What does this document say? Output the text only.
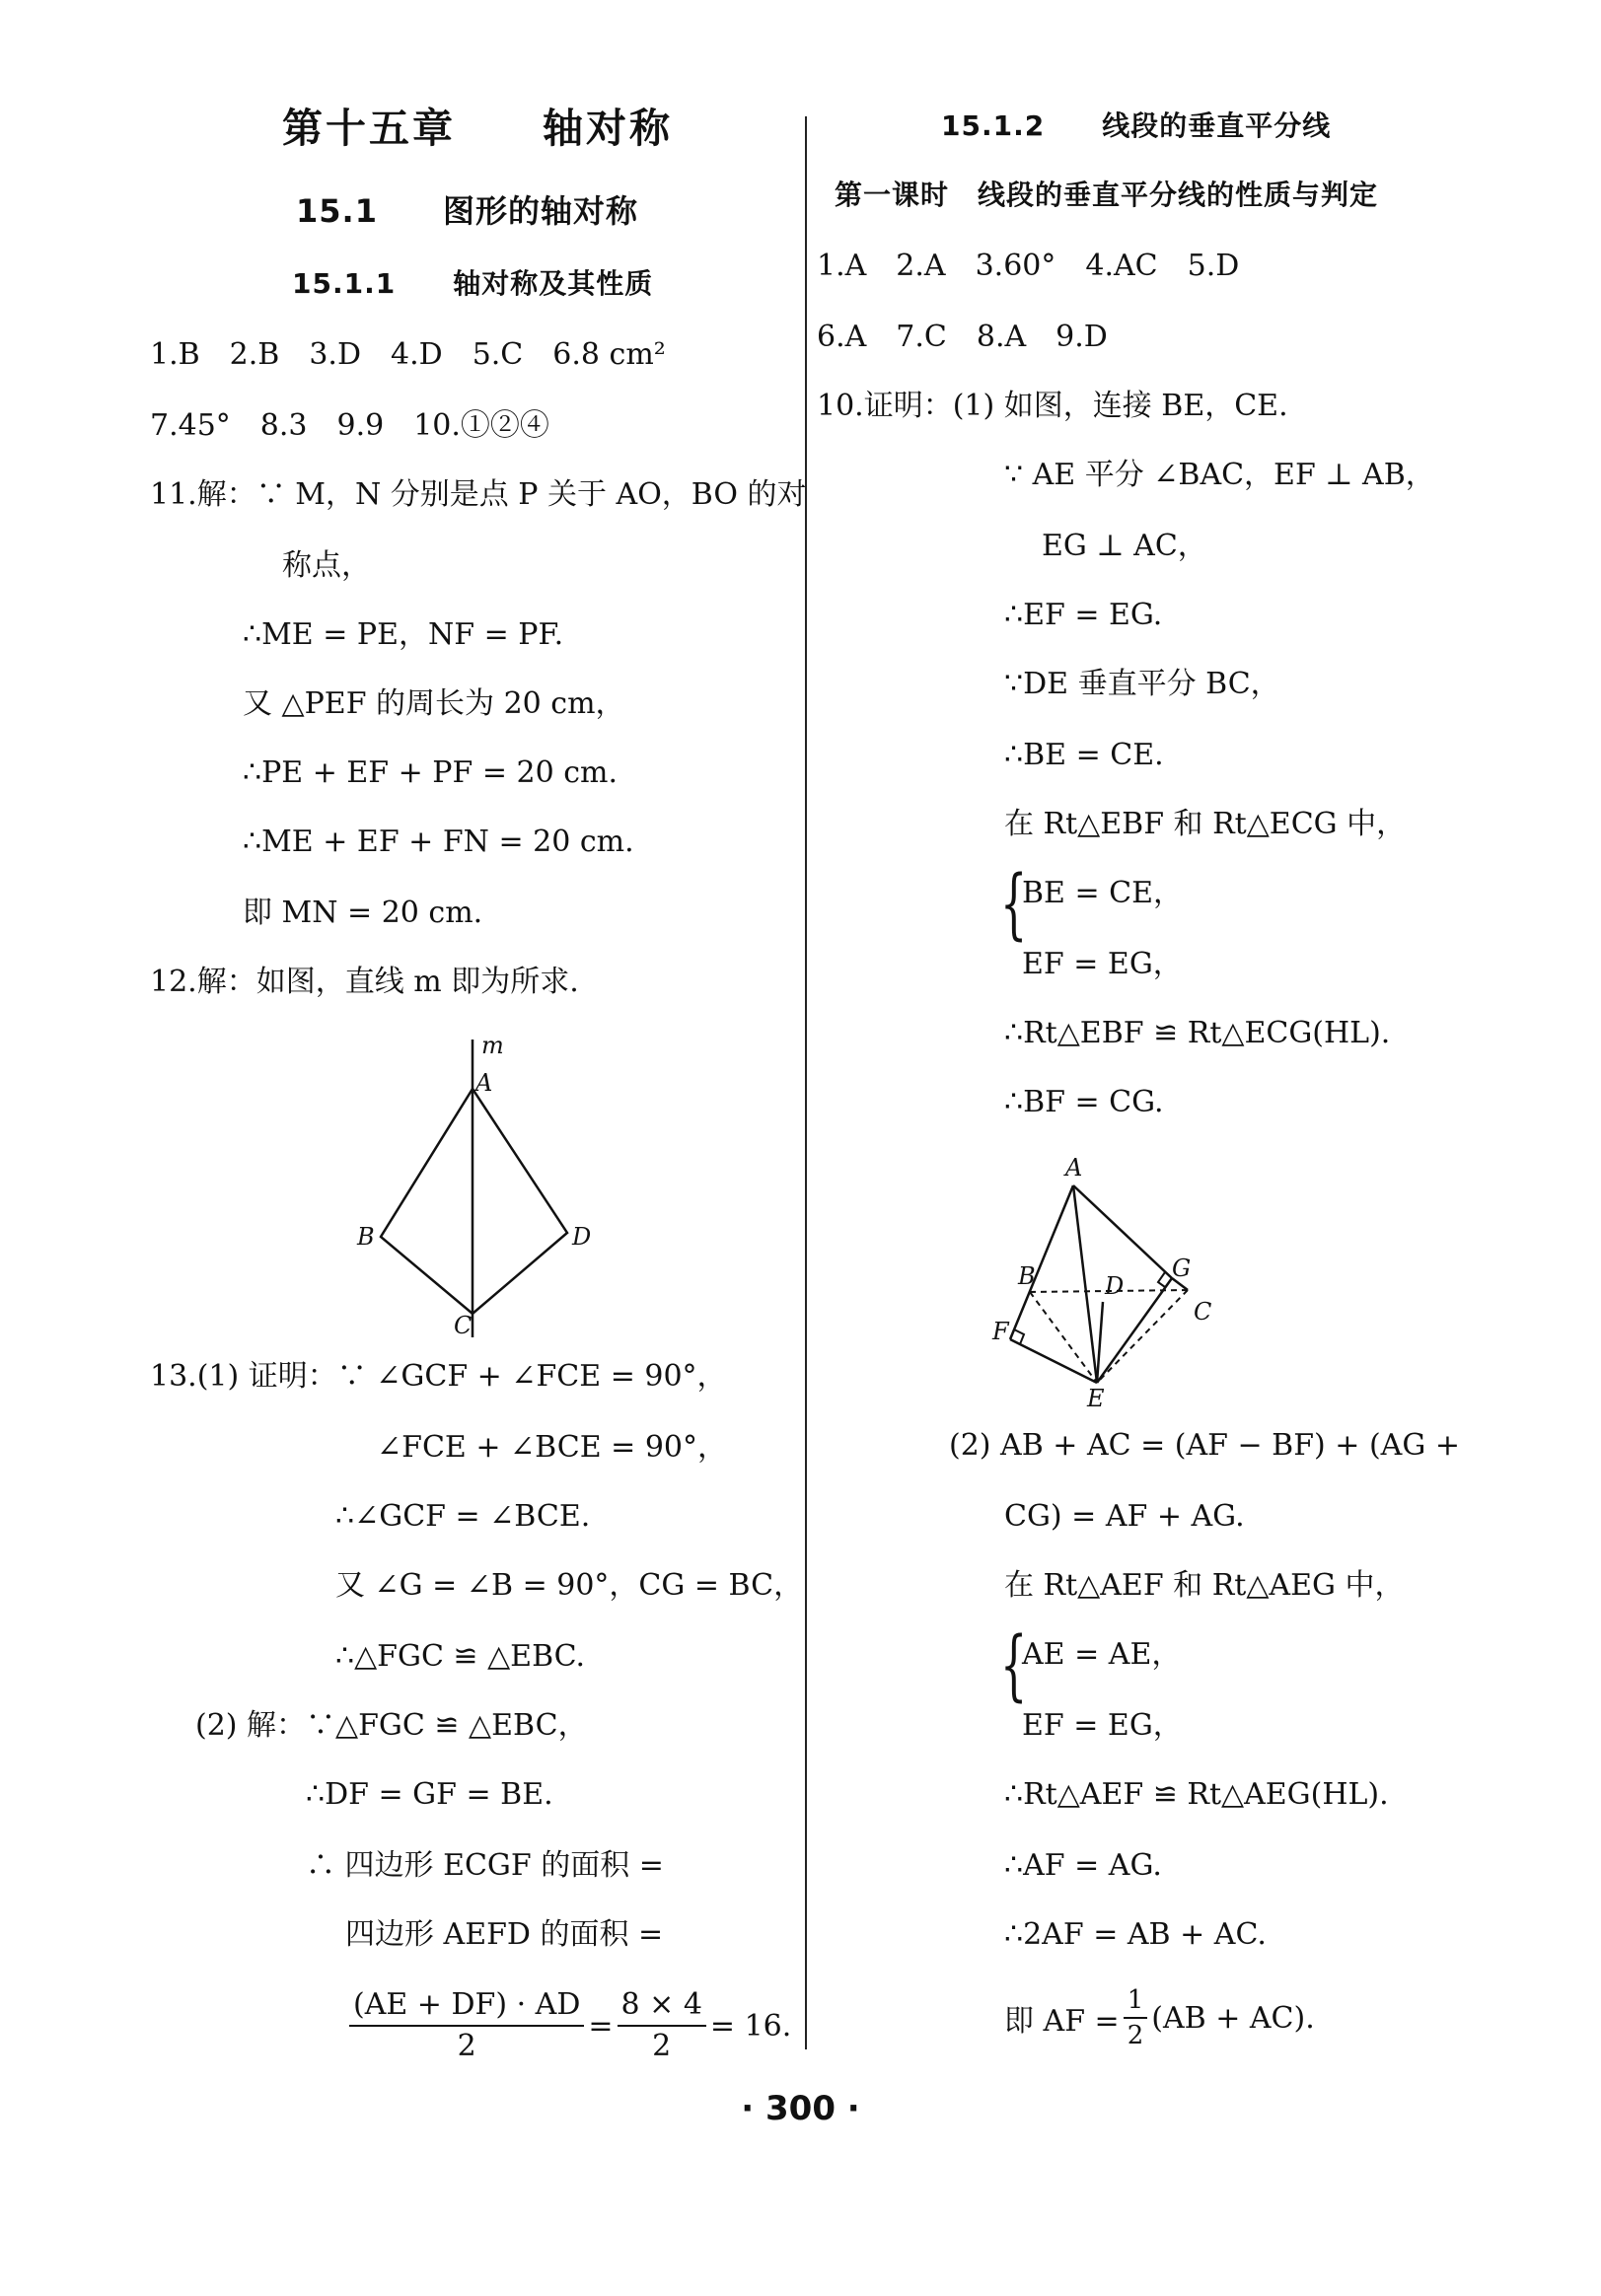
第十五章　　轴对称
15.1　　图形的轴对称
15.1.1　　轴对称及其性质
1.B　2.B　3.D　4.D　5.C　6.8 cm²
7.45°　8.3　9.9　10.①②④
11.解：∵ M，N 分别是点 P 关于 AO，BO 的对
称点，
∴ME = PE，NF = PF.
又 △PEF 的周长为 20 cm，
∴PE + EF + PF = 20 cm.
∴ME + EF + FN = 20 cm.
即 MN = 20 cm.
12.解：如图，直线 m 即为所求.
m
A
B
C
D
13.(1) 证明：∵ ∠GCF + ∠FCE = 90°，
∠FCE + ∠BCE = 90°，
∴∠GCF = ∠BCE.
又 ∠G = ∠B = 90°，CG = BC，
∴△FGC ≌ △EBC.
(2) 解：∵△FGC ≌ △EBC，
∴DF = GF = BE.
∴ 四边形 ECGF 的面积 =
四边形 AEFD 的面积 =
$\frac{(AE + DF) \cdot AD}{2} = \frac{8 \times 4}{2} = 16$.
15.1.2　　线段的垂直平分线
第一课时　线段的垂直平分线的性质与判定
1.A　2.A　3.60°　4.AC　5.D
6.A　7.C　8.A　9.D
10.证明：(1) 如图，连接 BE，CE.
∵ AE 平分 ∠BAC，EF ⊥ AB，
EG ⊥ AC，
∴EF = EG.
∵DE 垂直平分 BC，
∴BE = CE.
在 Rt△EBF 和 Rt△ECG 中，
{
BE = CE，
EF = EG，
∴Rt△EBF ≌ Rt△ECG(HL).
∴BF = CG.
A
B	D
G
F
C
E
(2) AB + AC = (AF − BF) + (AG +
CG) = AF + AG.
在 Rt△AEF 和 Rt△AEG 中，
{
AE = AE，
EF = EG，
∴Rt△AEF ≌ Rt△AEG(HL).
∴AF = AG.
∴2AF = AB + AC.
即 AF = $\frac{1}{2} (AB + AC)$.
· 300 ·
